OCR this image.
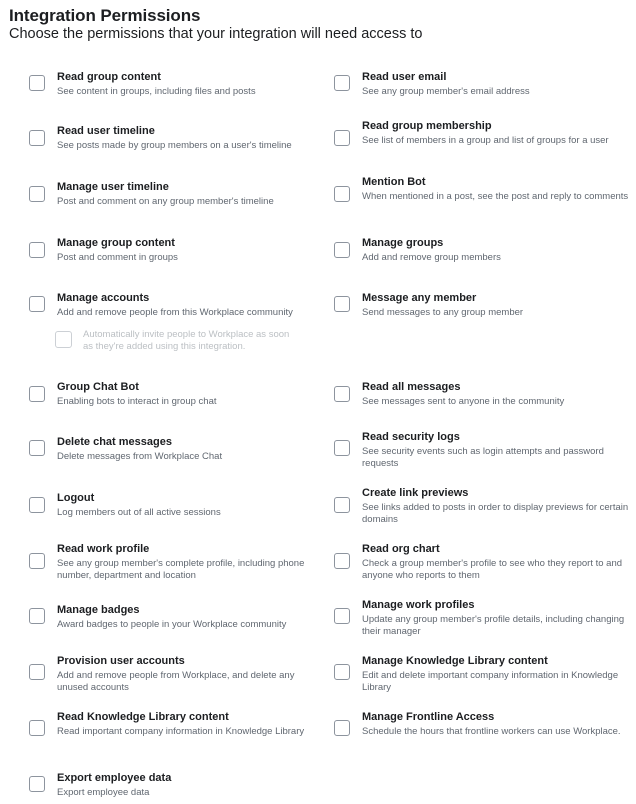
Integration Permissions
Choose the permissions that your integration will need access to
Read group content
See content in groups, including files and posts
Read user email
See any group member's email address
Read user timeline
See posts made by group members on a user's timeline
Read group membership
See list of members in a group and list of groups for a user
Manage user timeline
Post and comment on any group member's timeline
Mention Bot
When mentioned in a post, see the post and reply to comments
Manage group content
Post and comment in groups
Manage groups
Add and remove group members
Manage accounts
Add and remove people from this Workplace community
Message any member
Send messages to any group member
Automatically invite people to Workplace as soon as they're added using this integration.
Group Chat Bot
Enabling bots to interact in group chat
Read all messages
See messages sent to anyone in the community
Delete chat messages
Delete messages from Workplace Chat
Read security logs
See security events such as login attempts and password requests
Logout
Log members out of all active sessions
Create link previews
See links added to posts in order to display previews for certain domains
Read work profile
See any group member's complete profile, including phone number, department and location
Read org chart
Check a group member's profile to see who they report to and anyone who reports to them
Manage badges
Award badges to people in your Workplace community
Manage work profiles
Update any group member's profile details, including changing their manager
Provision user accounts
Add and remove people from Workplace, and delete any unused accounts
Manage Knowledge Library content
Edit and delete important company information in Knowledge Library
Read Knowledge Library content
Read important company information in Knowledge Library
Manage Frontline Access
Schedule the hours that frontline workers can use Workplace.
Export employee data
Export employee data
